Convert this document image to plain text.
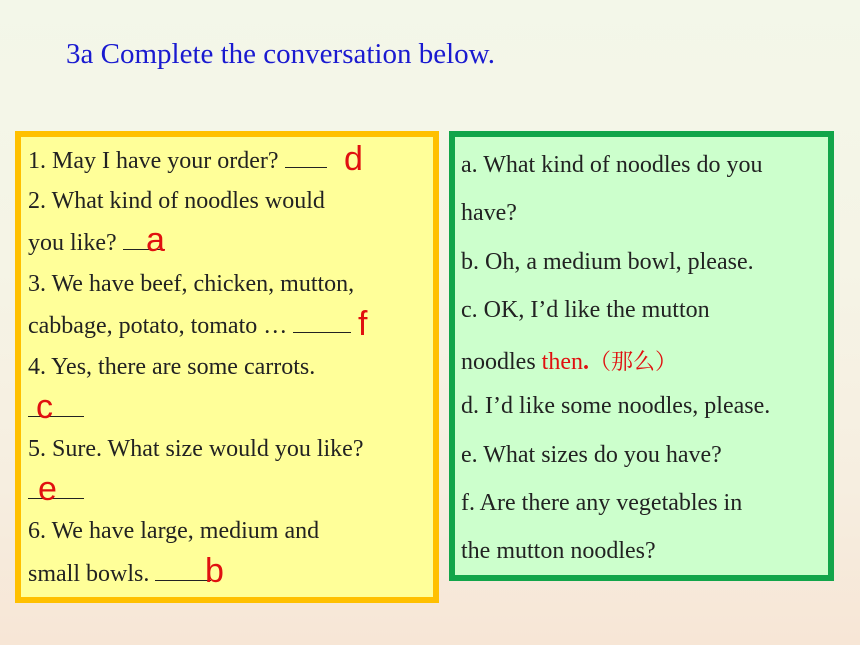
3a Complete the conversation below.
1. May I have your order?	d
2. What kind of noodles would
you like? a
3. We have beef, chicken, mutton,
cabbage, potato, tomato …	f
4. Yes, there are some carrots.
c
5. Sure. What size would you like?
e
6. We have large, medium and
small bowls.	b
a. What kind of noodles do you
have?
b. Oh, a medium bowl, please.
c. OK, I’d like the mutton
noodles then.（那么）
d. I’d like some noodles, please.
e. What sizes do you have?
f. Are there any vegetables in
the mutton noodles?
